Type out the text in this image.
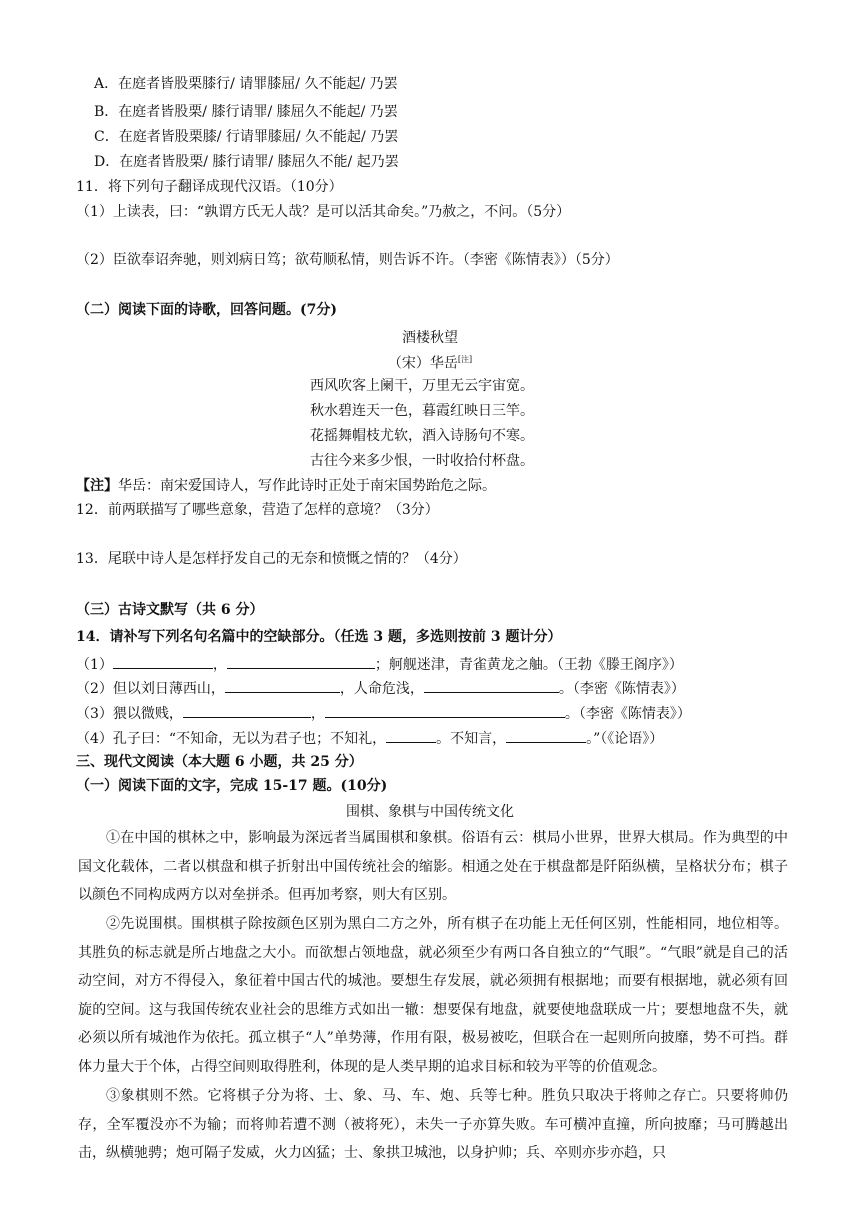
A．在庭者皆股栗膝行/ 请罪膝屈/ 久不能起/ 乃罢
B．在庭者皆股栗/ 膝行请罪/ 膝屈久不能起/ 乃罢
C．在庭者皆股栗膝/ 行请罪膝屈/ 久不能起/ 乃罢
D．在庭者皆股栗/ 膝行请罪/ 膝屈久不能/ 起乃罢
11．将下列句子翻译成现代汉语。（10分）
（1）上读表，曰：“孰谓方氏无人哉？是可以活其命矣。”乃赦之，不问。（5分）
（2）臣欲奉诏奔驰，则刘病日笃；欲苟顺私情，则告诉不许。（李密《陈情表》）（5分）
（二）阅读下面的诗歌，回答问题。(7分)
酒楼秋望
（宋）华岳[注]
西风吹客上阑干，万里无云宇宙宽。
秋水碧连天一色，暮霞红映日三竿。
花摇舞帽枝尤软，酒入诗肠句不寒。
古往今来多少恨，一时收拾付杯盘。
【注】华岳：南宋爱国诗人，写作此诗时正处于南宋国势跆危之际。
12．前两联描写了哪些意象，营造了怎样的意境？（3分）
13．尾联中诗人是怎样抒发自己的无奈和愤慨之情的？（4分）
（三）古诗文默写（共 6 分）
14．请补写下列名句名篇中的空缺部分。（任选 3 题，多选则按前 3 题计分）
（1）	，	；舸舰迷津，青雀黄龙之舳。（王勃《滕王阁序》）
（2）但以刘日薄西山，	，人命危浅，	。（李密《陈情表》）
（3）猥以微贱，	，	。（李密《陈情表》）
（4）孔子曰：“不知命，无以为君子也；不知礼，	。不知言，	。”（《论语》）
三、现代文阅读（本大题 6 小题，共 25 分）
（一）阅读下面的文字，完成 15-17 题。(10分)
围棋、象棋与中国传统文化
①在中国的棋林之中，影响最为深远者当属围棋和象棋。俗语有云：棋局小世界，世界大棋局。作为典型的中国文化载体，二者以棋盘和棋子折射出中国传统社会的缩影。相通之处在于棋盘都是阡陌纵横，呈格状分布；棋子以颜色不同构成两方以对垒拼杀。但再加考察，则大有区别。
②先说围棋。围棋棋子除按颜色区别为黑白二方之外，所有棋子在功能上无任何区别，性能相同，地位相等。其胜负的标志就是所占地盘之大小。而欲想占领地盘，就必须至少有两口各自独立的“气眼”。“气眼”就是自己的活动空间，对方不得侵入，象征着中国古代的城池。要想生存发展，就必须拥有根据地；而要有根据地，就必须有回旋的空间。这与我国传统农业社会的思维方式如出一辙：想要保有地盘，就要使地盘联成一片；要想地盘不失，就必须以所有城池作为依托。孤立棋子“人”单势薄，作用有限，极易被吃，但联合在一起则所向披靡，势不可挡。群体力量大于个体，占得空间则取得胜利，体现的是人类早期的追求目标和较为平等的价值观念。
③象棋则不然。它将棋子分为将、士、象、马、车、炮、兵等七种。胜负只取决于将帅之存亡。只要将帅仍存，全军覆没亦不为输；而将帅若遭不测（被将死），未失一子亦算失败。车可横冲直撞，所向披靡；马可腾越出击，纵横驰骋；炮可隔子发威，火力凶猛；士、象拱卫城池，以身护帅；兵、卒则亦步亦趋，只
